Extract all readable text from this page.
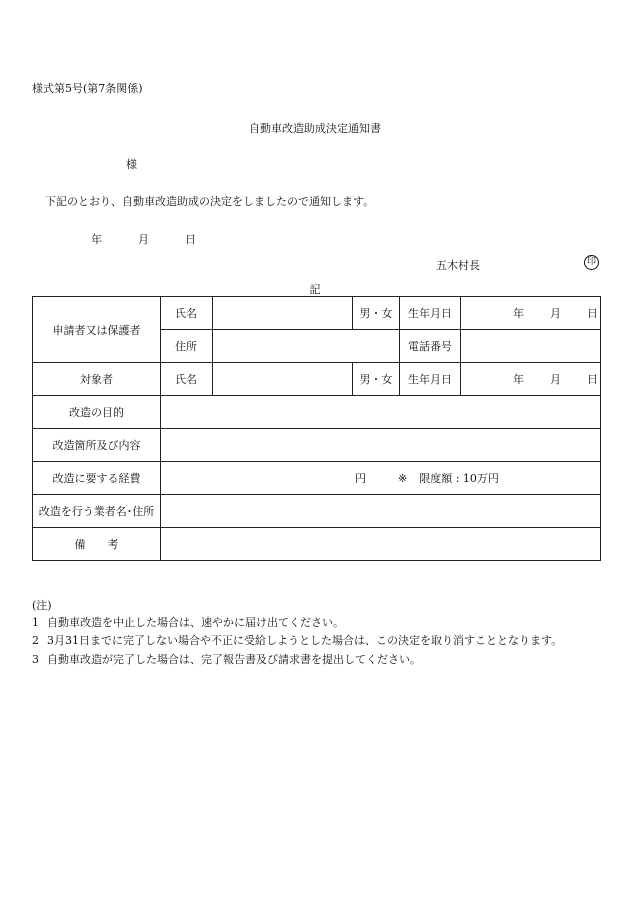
様式第5号(第7条関係)
自動車改造助成決定通知書
様
下記のとおり、自動車改造助成の決定をしましたので通知します。
年	月	日
五木村長	印
記
申請者又は保護者	氏名		男・女	生年月日	年 月 日
	住所			電話番号	
対象者	氏名		男・女	生年月日	年 月 日
改造の目的					
改造箇所及び内容					
改造に要する経費	円 ※ 限度額 : 10万円				
改造を行う業者名･住所					
備　　考					
(注)
1 自動車改造を中止した場合は、速やかに届け出てください。
2 3月31日までに完了しない場合や不正に受給しようとした場合は、この決定を取り消すこととなります。
3 自動車改造が完了した場合は、完了報告書及び請求書を提出してください。
